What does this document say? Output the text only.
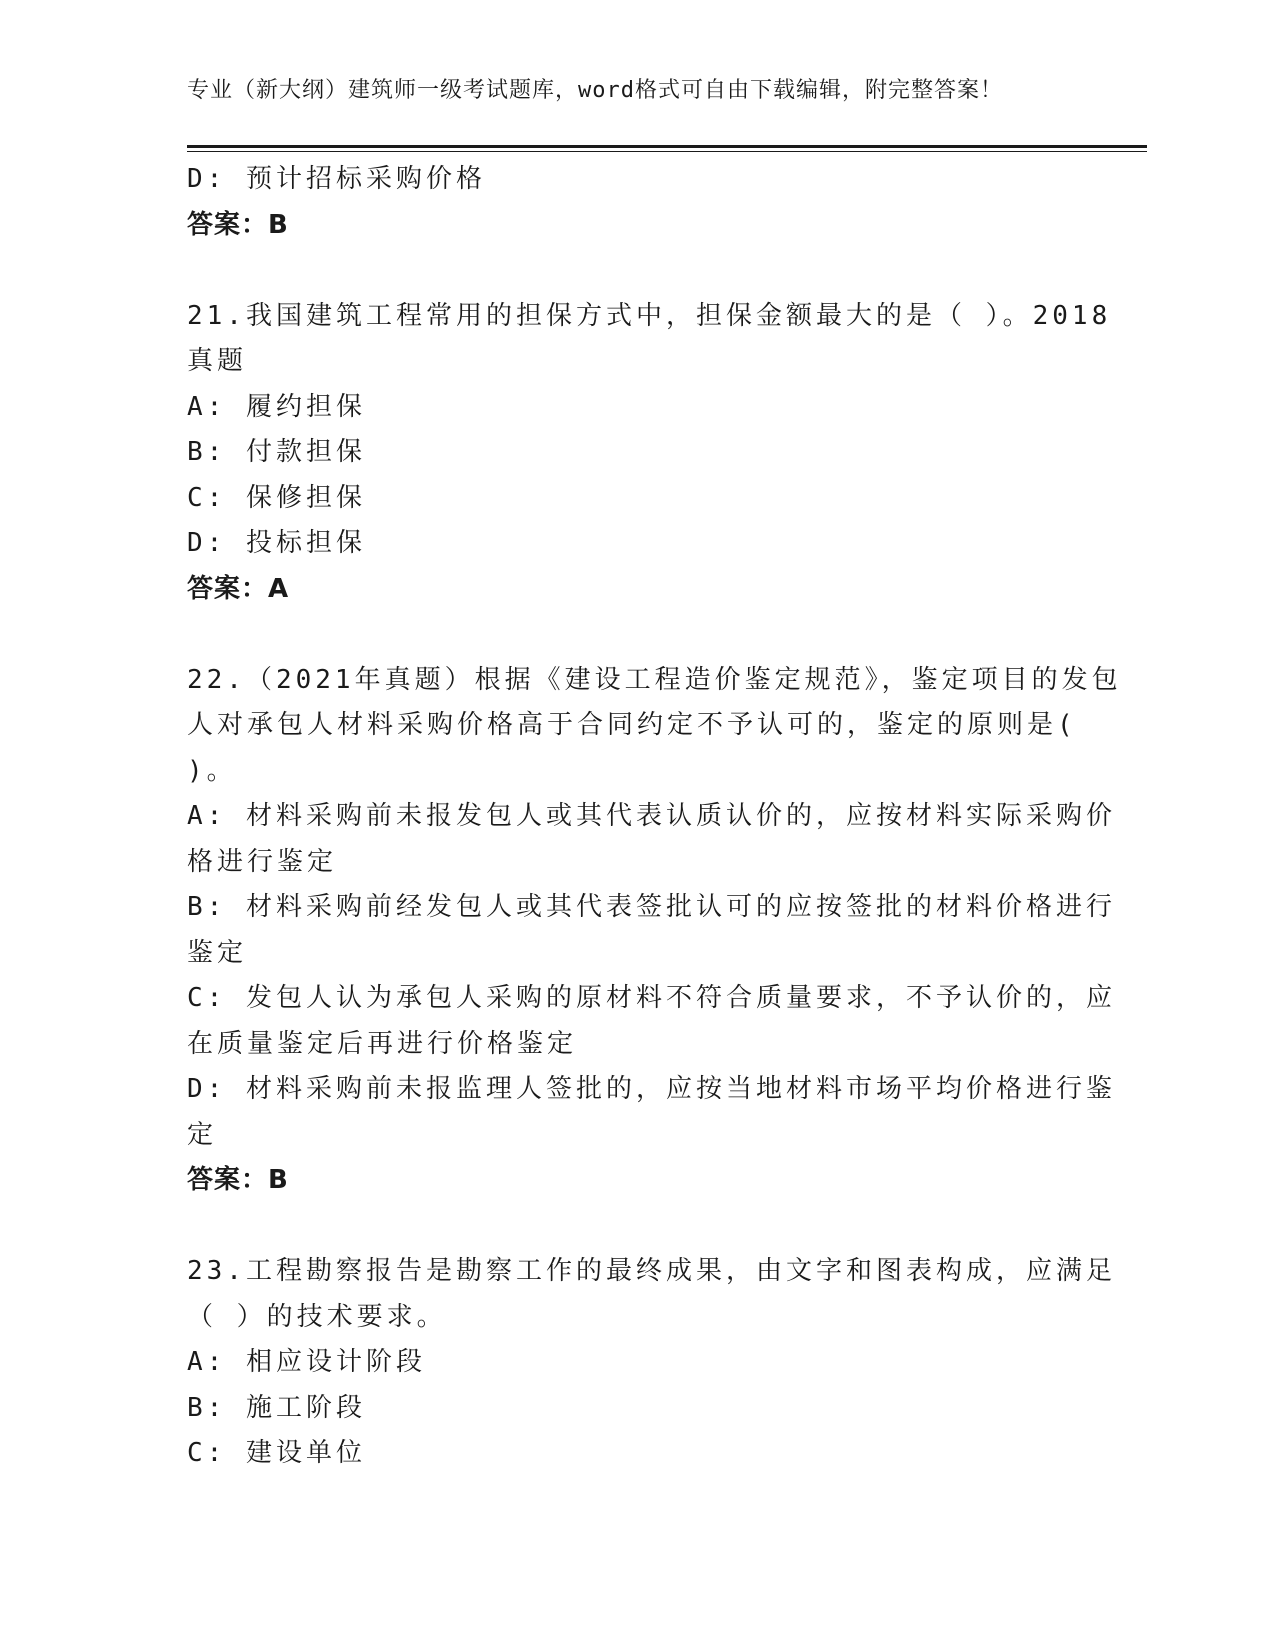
专业（新大纲）建筑师一级考试题库，word格式可自由下载编辑，附完整答案！
D: 预计招标采购价格
答案：B
21.我国建筑工程常用的担保方式中，担保金额最大的是（ ）。2018
真题
A: 履约担保
B: 付款担保
C: 保修担保
D: 投标担保
答案：A
22.（2021年真题）根据《建设工程造价鉴定规范》，鉴定项目的发包
人对承包人材料采购价格高于合同约定不予认可的，鉴定的原则是(
)。
A: 材料采购前未报发包人或其代表认质认价的，应按材料实际采购价
格进行鉴定
B: 材料采购前经发包人或其代表签批认可的应按签批的材料价格进行
鉴定
C: 发包人认为承包人采购的原材料不符合质量要求，不予认价的，应
在质量鉴定后再进行价格鉴定
D: 材料采购前未报监理人签批的，应按当地材料市场平均价格进行鉴
定
答案：B
23.工程勘察报告是勘察工作的最终成果，由文字和图表构成，应满足
（ ）的技术要求。
A: 相应设计阶段
B: 施工阶段
C: 建设单位
